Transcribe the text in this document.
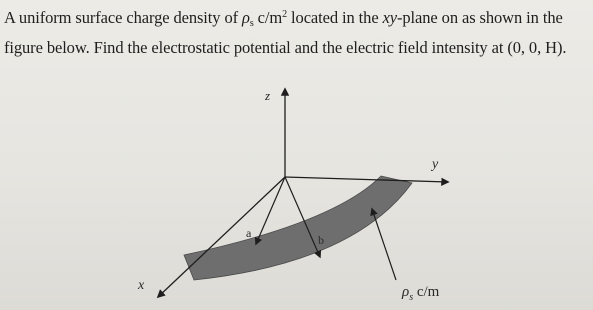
A uniform surface charge density of $\rho_s$ $c/m^2$ located in the xy-plane on as shown in the
figure below. Find the electrostatic potential and the electric field intensity at (0, 0, H).
z
y
x
a	b
$\rho_s$ c/m
